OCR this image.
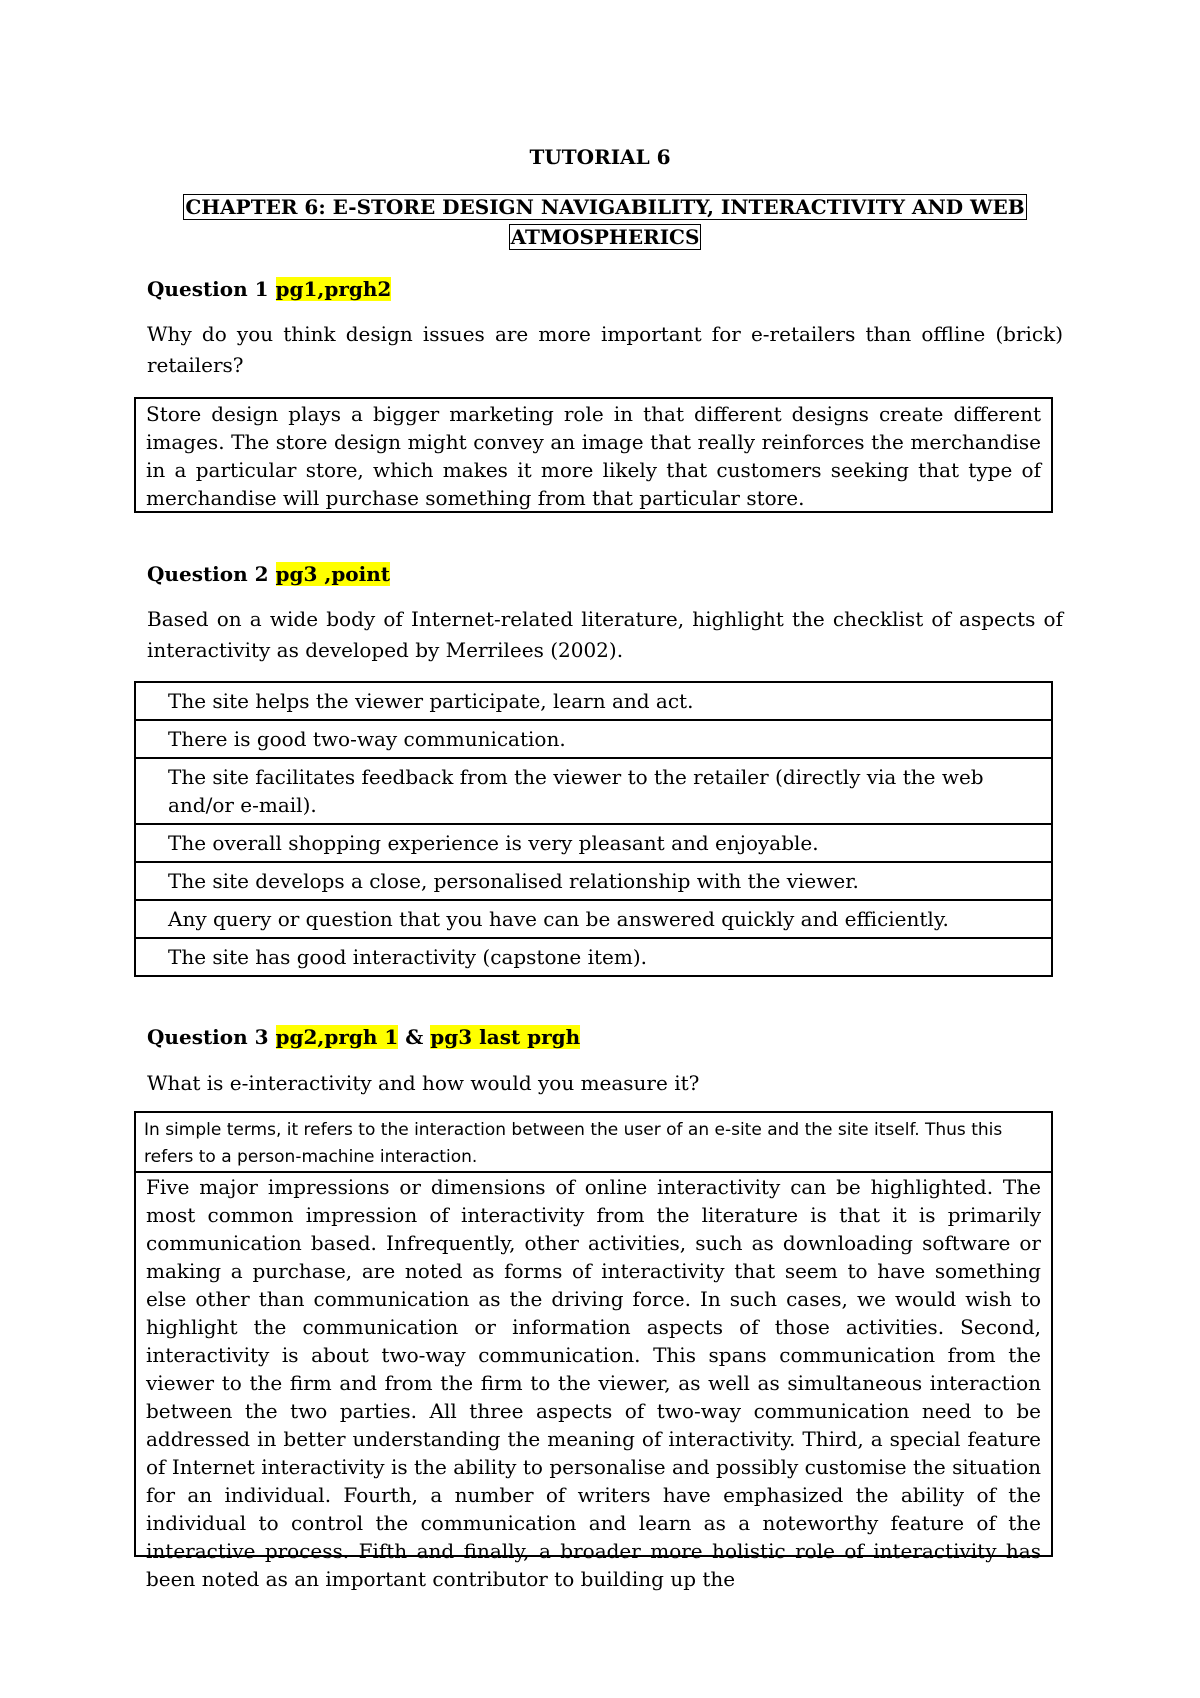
TUTORIAL 6
CHAPTER 6: E-STORE DESIGN NAVIGABILITY, INTERACTIVITY AND WEB
ATMOSPHERICS
Question 1 pg1,prgh2
Why do you think design issues are more important for e-retailers than offline (brick) retailers?
Store design plays a bigger marketing role in that different designs create different images. The store design might convey an image that really reinforces the merchandise in a particular store, which makes it more likely that customers seeking that type of merchandise will purchase something from that particular store.
Question 2 pg3 ,point
Based on a wide body of Internet-related literature, highlight the checklist of aspects of interactivity as developed by Merrilees (2002).
The site helps the viewer participate, learn and act.
There is good two-way communication.
The site facilitates feedback from the viewer to the retailer (directly via the web and/or e-mail).
The overall shopping experience is very pleasant and enjoyable.
The site develops a close, personalised relationship with the viewer.
Any query or question that you have can be answered quickly and efficiently.
The site has good interactivity (capstone item).
Question 3 pg2,prgh 1 & pg3 last prgh
What is e-interactivity and how would you measure it?
In simple terms, it refers to the interaction between the user of an e-site and the site itself. Thus this refers to a person-machine interaction.
Five major impressions or dimensions of online interactivity can be highlighted. The most common impression of interactivity from the literature is that it is primarily communication based. Infrequently, other activities, such as downloading software or making a purchase, are noted as forms of interactivity that seem to have something else other than communication as the driving force. In such cases, we would wish to highlight the communication or information aspects of those activities. Second, interactivity is about two-way communication. This spans communication from the viewer to the firm and from the firm to the viewer, as well as simultaneous interaction between the two parties. All three aspects of two-way communication need to be addressed in better understanding the meaning of interactivity. Third, a special feature of Internet interactivity is the ability to personalise and possibly customise the situation for an individual. Fourth, a number of writers have emphasized the ability of the individual to control the communication and learn as a noteworthy feature of the interactive process. Fifth and finally, a broader more holistic role of interactivity has been noted as an important contributor to building up the
